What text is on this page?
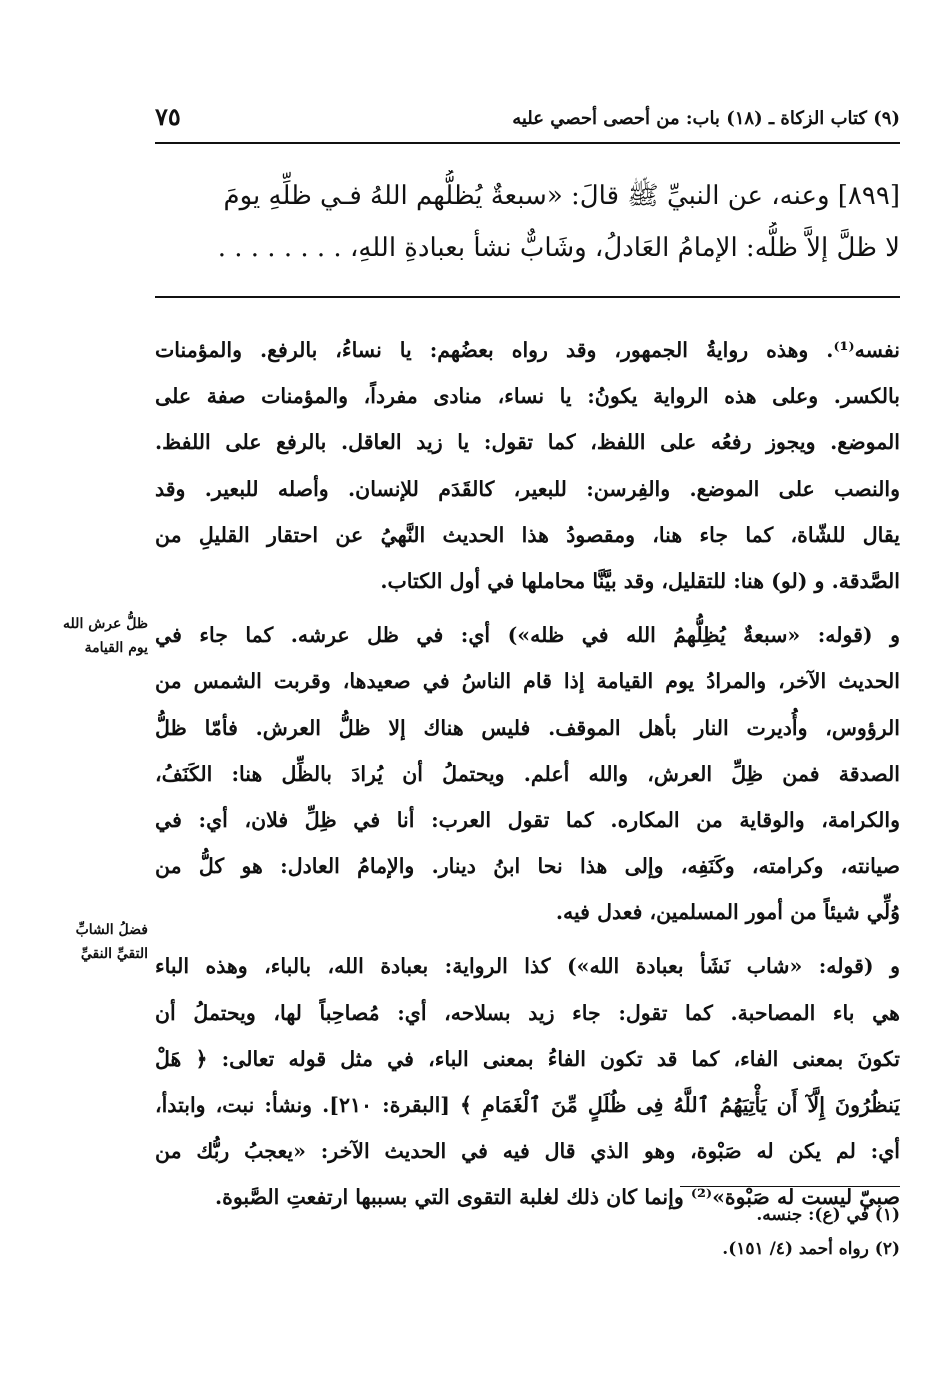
(٩) كتاب الزكاة ـ (١٨) باب: من أحصى أحصي عليه
٧٥
[٨٩٩] وعنه، عن النبيِّ ﷺ قالَ: «سبعةٌ يُظلُّهم اللهُ فـي ظلِّهِ يومَ
لا ظلَّ إلاَّ ظلُّه: الإمامُ العَادلُ، وشَابٌّ نشأ بعبادةِ اللهِ، . . . . . . . .
نفسه⁽¹⁾. وهذه روايةُ الجمهور، وقد رواه بعضُهم: يا نساءُ، بالرفع. والمؤمنات
بالكسر. وعلى هذه الرواية يكونُ: يا نساء، منادى مفرداً، والمؤمنات صفة على
الموضع. ويجوز رفعُه على اللفظ، كما تقول: يا زيد العاقل. بالرفع على اللفظ.
والنصب على الموضع. والفِرسن: للبعير، كالقَدَم للإنسان. وأصله للبعير. وقد
يقال للشّاة، كما جاء هنا، ومقصودُ هذا الحديث النَّهيُ عن احتقار القليلِ من
الصَّدقة. و (لو) هنا: للتقليل، وقد بيَّنَّا محاملها في أول الكتاب.
و (قوله: «سبعةٌ يُظِلُّهمُ الله في ظله») أي: في ظل عرشه. كما جاء في
الحديث الآخر، والمرادُ يوم القيامة إذا قام الناسُ في صعيدها، وقربت الشمس من
الرؤوس، وأُديرت النار بأهل الموقف. فليس هناك إلا ظلُّ العرش. فأمّا ظلُّ
الصدقة فمن ظِلِّ العرش، والله أعلم. ويحتملُ أن يُرادَ بالظِّل هنا: الكَنَفُ،
والكرامة، والوقاية من المكاره. كما تقول العرب: أنا في ظِلِّ فلان، أي: في
صيانته، وكرامته، وكَنَفِه، وإلى هذا نحا ابنُ دينار. والإمامُ العادل: هو كلُّ من
وُلِّي شيئاً من أمور المسلمين، فعدل فيه.
و (قوله: «شاب نَشَأ بعبادة الله») كذا الرواية: بعبادة الله، بالباء، وهذه الباء
هي باء المصاحبة. كما تقول: جاء زيد بسلاحه، أي: مُصاحِباً لها، ويحتملُ أن
تكونَ بمعنى الفاء، كما قد تكون الفاءُ بمعنى الباء، في مثل قوله تعالى: ﴿ هَلْ
يَنظُرُونَ إِلَّآ أَن يَأْتِيَهُمُ ٱللَّهُ فِى ظُلَلٍ مِّنَ ٱلْغَمَامِ ﴾ [البقرة: ٢١٠]. ونشأ: نبت، وابتدأ،
أي: لم يكن له صَبْوة، وهو الذي قال فيه في الحديث الآخر: «يعجبُ ربُّك من
صبيّ ليست له صَبْوة»⁽²⁾ وإنما كان ذلك لغلبة التقوى التي بسببها ارتفعتِ الصَّبوة.
ظلُّ عرش الله
يوم القيامة
فضلُ الشابِّ
التقيِّ النقيِّ
(١) في (ع): جنسه.
(٢) رواه أحمد (٤/ ١٥١).
